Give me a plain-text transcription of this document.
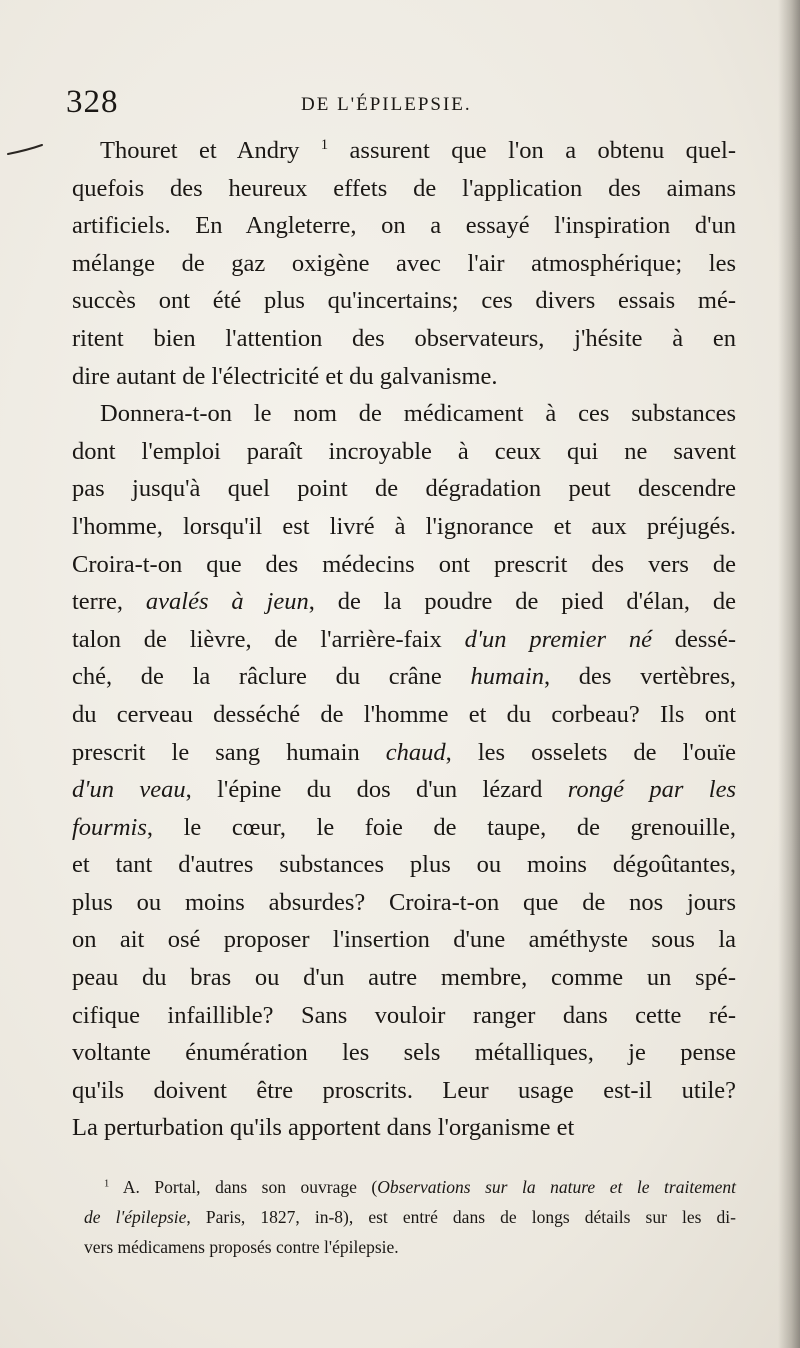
328	DE L'ÉPILEPSIE.
Thouret et Andry $^1$ assurent que l'on a obtenu quel-
quefois des heureux effets de l'application des aimans
artificiels. En Angleterre, on a essayé l'inspiration d'un
mélange de gaz oxigène avec l'air atmosphérique; les
succès ont été plus qu'incertains; ces divers essais mé-
ritent bien l'attention des observateurs, j'hésite à en
dire autant de l'électricité et du galvanisme.
Donnera-t-on le nom de médicament à ces substances
dont l'emploi paraît incroyable à ceux qui ne savent
pas jusqu'à quel point de dégradation peut descendre
l'homme, lorsqu'il est livré à l'ignorance et aux préjugés.
Croira-t-on que des médecins ont prescrit des vers de
terre, avalés à jeun, de la poudre de pied d'élan, de
talon de lièvre, de l'arrière-faix d'un premier né dessé-
ché, de la râclure du crâne humain, des vertèbres,
du cerveau desséché de l'homme et du corbeau? Ils ont
prescrit le sang humain chaud, les osselets de l'ouïe
d'un veau, l'épine du dos d'un lézard rongé par les
fourmis, le cœur, le foie de taupe, de grenouille,
et tant d'autres substances plus ou moins dégoûtantes,
plus ou moins absurdes? Croira-t-on que de nos jours
on ait osé proposer l'insertion d'une améthyste sous la
peau du bras ou d'un autre membre, comme un spé-
cifique infaillible? Sans vouloir ranger dans cette ré-
voltante énumération les sels métalliques, je pense
qu'ils doivent être proscrits. Leur usage est-il utile?
La perturbation qu'ils apportent dans l'organisme et
$^1$ A. Portal, dans son ouvrage (Observations sur la nature et le traitement
de l'épilepsie, Paris, 1827, in-8), est entré dans de longs détails sur les di-
vers médicamens proposés contre l'épilepsie.
